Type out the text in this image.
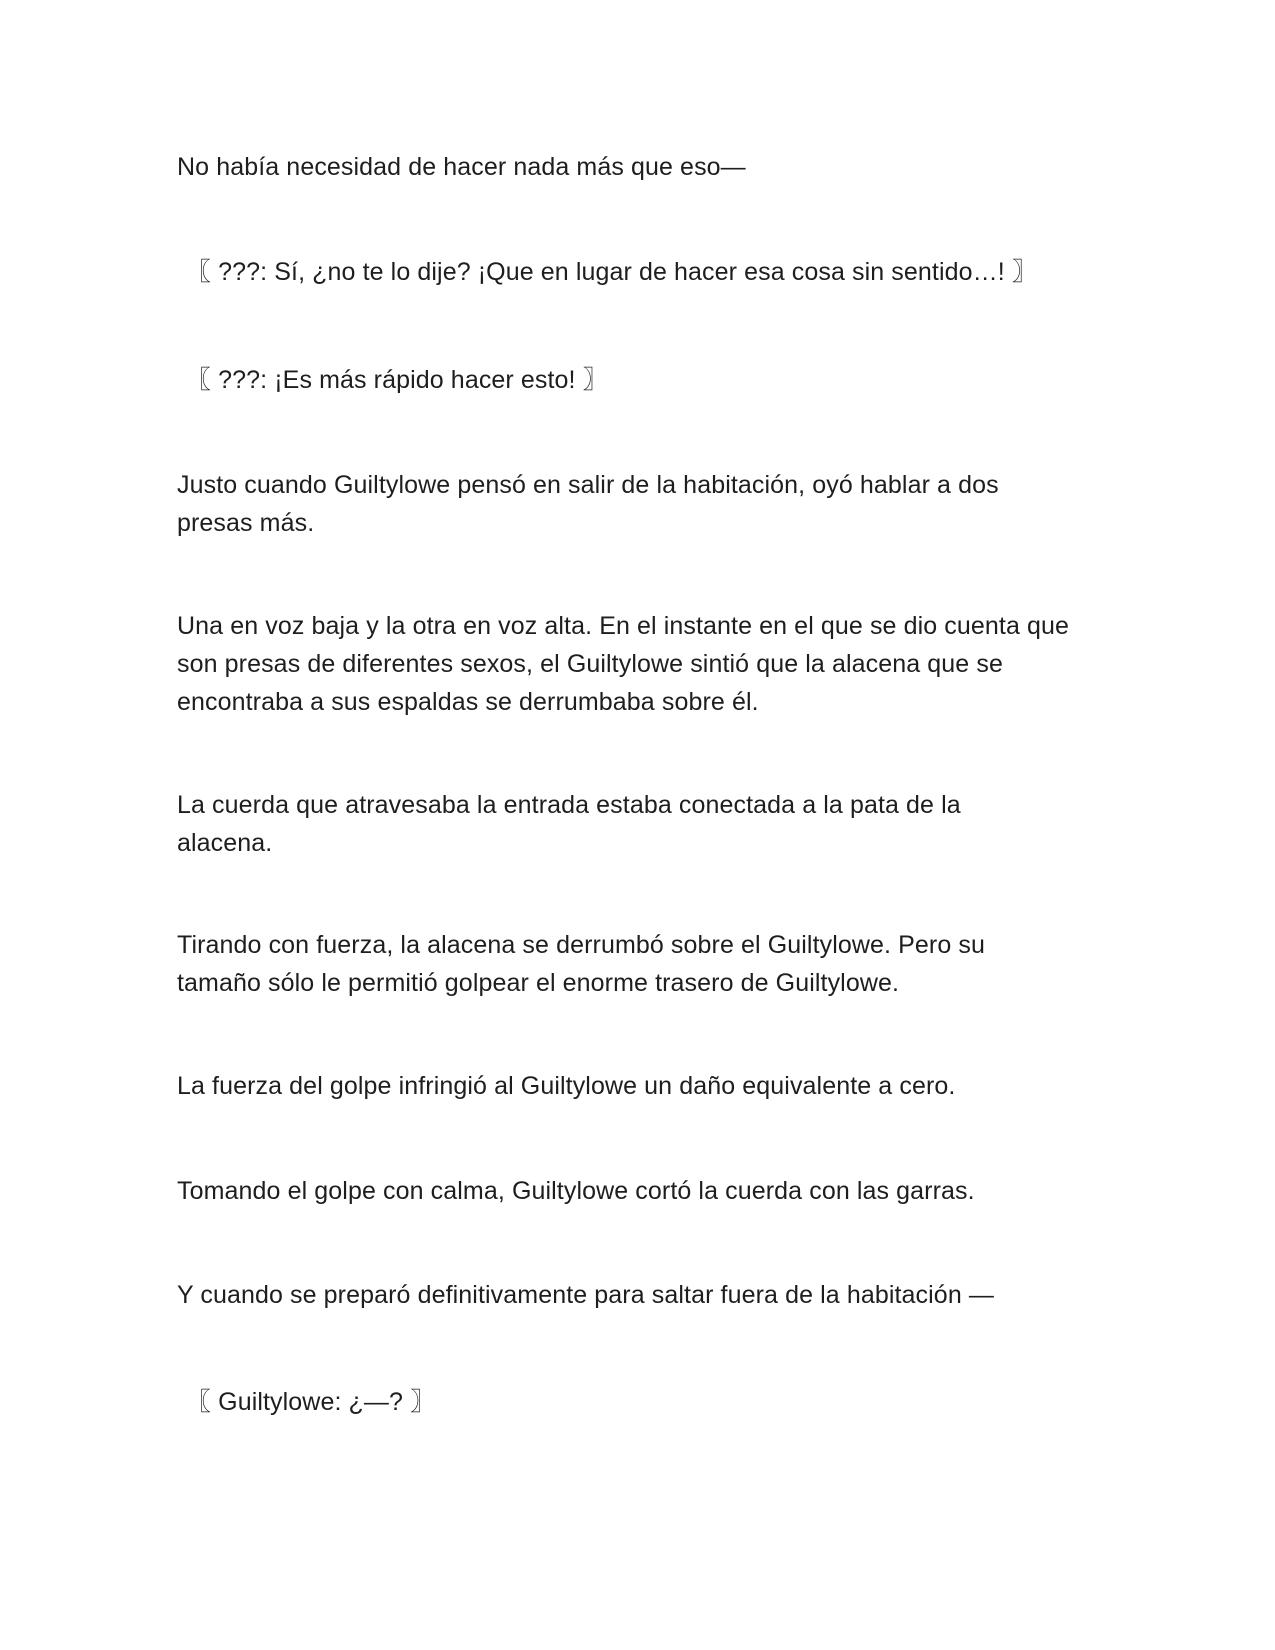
No había necesidad de hacer nada más que eso—

〖 ???: Sí, ¿no te lo dije? ¡Que en lugar de hacer esa cosa sin sentido…! 〗

〖 ???: ¡Es más rápido hacer esto! 〗

Justo cuando Guiltylowe pensó en salir de la habitación, oyó hablar a dos presas más.

Una en voz baja y la otra en voz alta. En el instante en el que se dio cuenta que son presas de diferentes sexos, el Guiltylowe sintió que la alacena que se encontraba a sus espaldas se derrumbaba sobre él.

La cuerda que atravesaba la entrada estaba conectada a la pata de la alacena.

Tirando con fuerza, la alacena se derrumbó sobre el Guiltylowe. Pero su tamaño sólo le permitió golpear el enorme trasero de Guiltylowe.

La fuerza del golpe infringió al Guiltylowe un daño equivalente a cero.

Tomando el golpe con calma, Guiltylowe cortó la cuerda con las garras.

Y cuando se preparó definitivamente para saltar fuera de la habitación —

〖 Guiltylowe: ¿—? 〗
